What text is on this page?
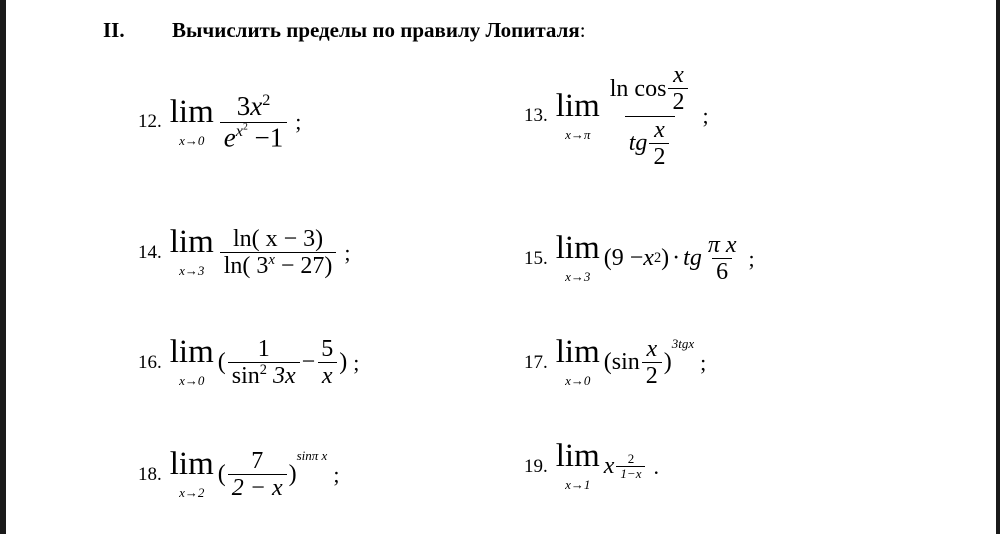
II. Вычислить пределы по правилу Лопиталя:
12. lim
$x\to 0 \frac{3x^2}{e^{x^2} -1}$ ;	13. lim
$x\to\pi \frac{\ln \cos \frac{x}{2}}{tg \frac{x}{2}}$ ;
14. lim
$x\to 3 \frac{\ln( x - 3)}{\ln( 3^x - 27)}$ ;	15. lim
x→3
(9 − x 2 ) · tg $\frac{\text{π x}}{6}$ ;
16. lim
x→0
( $\frac{1}{\sin^2 3x} - \frac{5}{x}$ ) ;	17. lim
x→0
($\sin \frac{x}{2}$ )
$^{3tgx}$
;
18. lim
x→2
( $\frac{7}{2 - x}$ )
$^{sin\pi x}$
;	19. lim
x→1
x $\frac{2}{1-x}$ .
